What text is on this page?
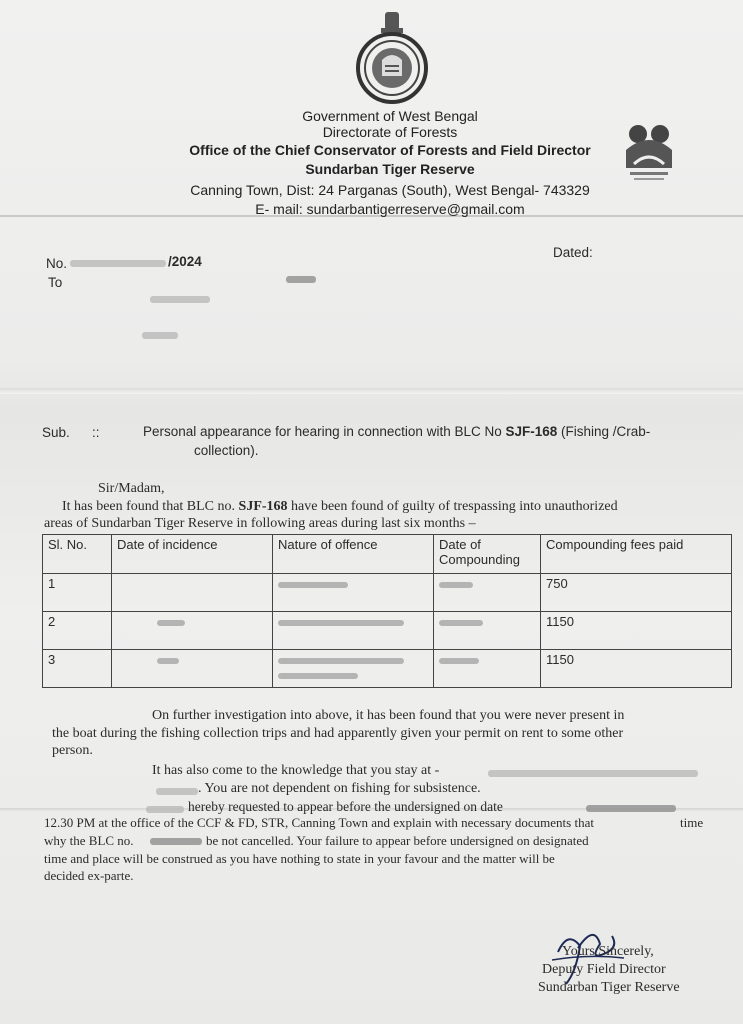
Government of West Bengal
Directorate of Forests
Office of the Chief Conservator of Forests and Field Director
Sundarban Tiger Reserve
Canning Town, Dist: 24 Parganas (South), West Bengal- 743329
E- mail: sundarbantigerreserve@gmail.com
No.	/2024
Dated:
To
Sub. ::	Personal appearance for hearing in connection with BLC No SJF-168 (Fishing /Crab-
collection).
Sir/Madam,
It has been found that BLC no. SJF-168 have been found of guilty of trespassing into unauthorized
areas of Sundarban Tiger Reserve in following areas during last six months –
Sl. No.	Date of incidence	Nature of offence	Date of Compounding	Compounding fees paid
1				750
2				1150
3				1150
On further investigation into above, it has been found that you were never present in
the boat during the fishing collection trips and had apparently given your permit on rent to some other
person.
It has also come to the knowledge that you stay at -
. You are not dependent on fishing for subsistence.
hereby requested to appear before the undersigned on date
time
12.30 PM at the office of the CCF & FD, STR, Canning Town and explain with necessary documents that
why the BLC no.	be not cancelled. Your failure to appear before undersigned on designated
time and place will be construed as you have nothing to state in your favour and the matter will be
decided ex-parte.
Yours Sincerely,
Deputy Field Director
Sundarban Tiger Reserve
